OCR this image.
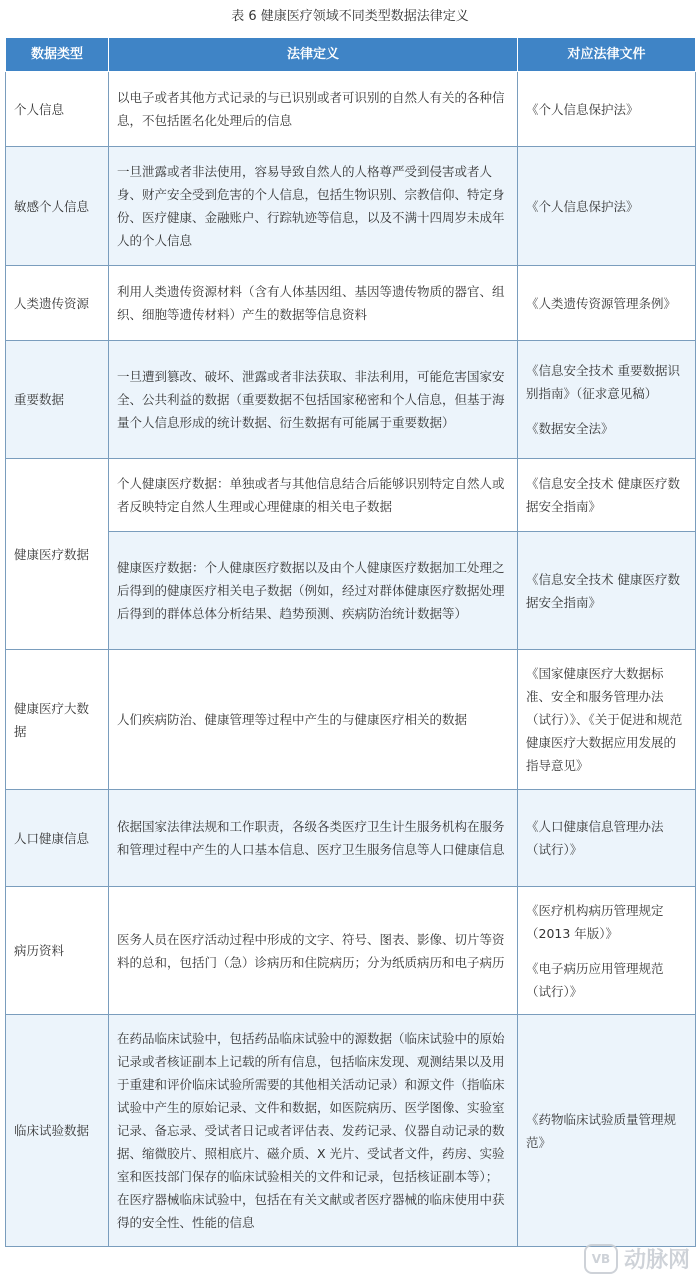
表 6 健康医疗领域不同类型数据法律定义
数据类型	法律定义	对应法律文件
个人信息	以电子或者其他方式记录的与已识别或者可识别的自然人有关的各种信息，不包括匿名化处理后的信息	《个人信息保护法》

敏感个人信息	一旦泄露或者非法使用，容易导致自然人的人格尊严受到侵害或者人身、财产安全受到危害的个人信息，包括生物识别、宗教信仰、特定身份、医疗健康、金融账户、行踪轨迹等信息，以及不满十四周岁未成年人的个人信息	《个人信息保护法》

人类遗传资源	利用人类遗传资源材料（含有人体基因组、基因等遗传物质的器官、组织、细胞等遗传材料）产生的数据等信息资料	《人类遗传资源管理条例》

重要数据	一旦遭到篡改、破坏、泄露或者非法获取、非法利用，可能危害国家安全、公共利益的数据（重要数据不包括国家秘密和个人信息，但基于海量个人信息形成的统计数据、衍生数据有可能属于重要数据）	《信息安全技术 重要数据识别指南》（征求意见稿）
《数据安全法》

健康医疗数据	个人健康医疗数据：单独或者与其他信息结合后能够识别特定自然人或者反映特定自然人生理或心理健康的相关电子数据	《信息安全技术 健康医疗数据安全指南》

	健康医疗数据：个人健康医疗数据以及由个人健康医疗数据加工处理之后得到的健康医疗相关电子数据（例如，经过对群体健康医疗数据处理后得到的群体总体分析结果、趋势预测、疾病防治统计数据等）	《信息安全技术 健康医疗数据安全指南》

健康医疗大数据	人们疾病防治、健康管理等过程中产生的与健康医疗相关的数据	《国家健康医疗大数据标准、安全和服务管理办法（试行）》、《关于促进和规范健康医疗大数据应用发展的指导意见》

人口健康信息	依据国家法律法规和工作职责，各级各类医疗卫生计生服务机构在服务和管理过程中产生的人口基本信息、医疗卫生服务信息等人口健康信息	《人口健康信息管理办法（试行）》

病历资料	医务人员在医疗活动过程中形成的文字、符号、图表、影像、切片等资料的总和，包括门（急）诊病历和住院病历；分为纸质病历和电子病历	《医疗机构病历管理规定（2013 年版）》
《电子病历应用管理规范（试行）》

临床试验数据	在药品临床试验中，包括药品临床试验中的源数据（临床试验中的原始记录或者核证副本上记载的所有信息，包括临床发现、观测结果以及用于重建和评价临床试验所需要的其他相关活动记录）和源文件（指临床试验中产生的原始记录、文件和数据，如医院病历、医学图像、实验室记录、备忘录、受试者日记或者评估表、发药记录、仪器自动记录的数据、缩微胶片、照相底片、磁介质、X 光片、受试者文件，药房、实验室和医技部门保存的临床试验相关的文件和记录，包括核证副本等）；在医疗器械临床试验中，包括在有关文献或者医疗器械的临床使用中获得的安全性、性能的信息	《药物临床试验质量管理规范》
VB 动脉网
